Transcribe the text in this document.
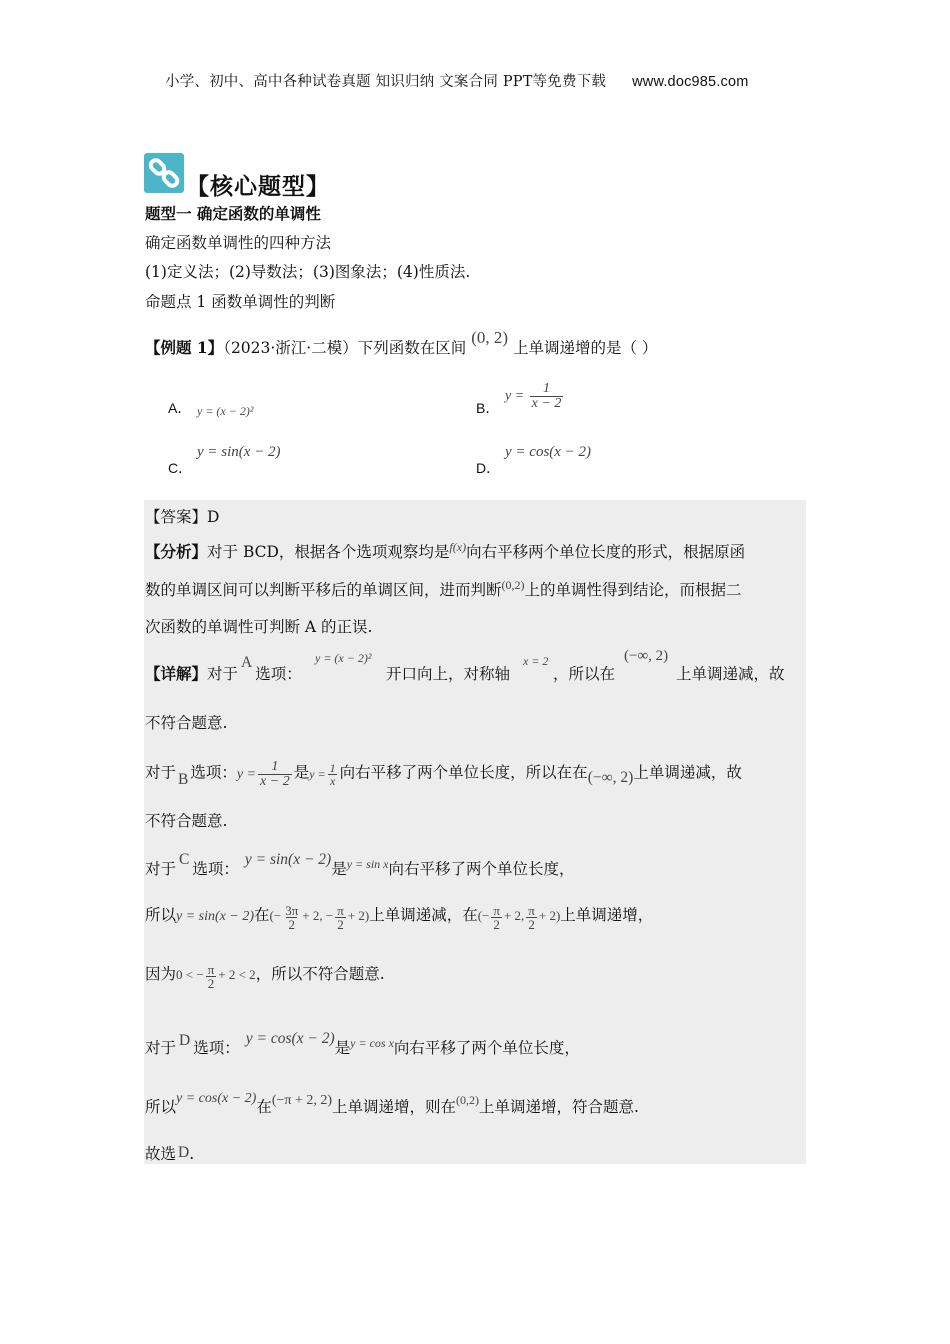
小学、初中、高中各种试卷真题 知识归纳 文案合同 PPT等免费下载 www.doc985.com
【核心题型】
题型一 确定函数的单调性
确定函数单调性的四种方法
(1)定义法；(2)导数法；(3)图象法；(4)性质法.
命题点 1 函数单调性的判断
【例题 1】（2023·浙江·二模）下列函数在区间 (0, 2) 上单调递增的是（ ）
A． y = (x − 2)²	B．
$y = \frac{1}{x - 2}$
y = sin(x − 2)
C．
y = cos(x − 2)
D．
【答案】D
【分析】对于 BCD，根据各个选项观察均是$^{f(x)}$向右平移两个单位长度的形式，根据原函
数的单调区间可以判断平移后的单调区间，进而判断$^{(0,2)}$上的单调性得到结论，而根据二
次函数的单调性可判断 A 的正误.
【详解】对于A选项：
y = (x − 2)²
开口向上，对称轴
x = 2
，所以在
(−∞, 2)
上单调递减，故
不符合题意.
对于 B 选项：$y = \frac{1}{x - 2}$ 是$y = \frac{1}{x}$ 向右平移了两个单位长度，所以在在(−∞, 2)上单调递减，故
不符合题意.
对于C选项：y = sin(x − 2)是$^{y = sin x}$向右平移了两个单位长度，
所以y = sin(x − 2)在(− $\frac{3\pi}{2} + 2$, − $\frac{\pi}{2} + 2$)上单调递减，在(− $\frac{\pi}{2} + 2$, $\frac{\pi}{2} + 2$)上单调递增，
因为0 < − $\frac{\pi}{2} + 2 < 2$，所以不符合题意.
对于 D 选项：y = cos(x − 2)是$^{y = cos x}$向右平移了两个单位长度，
所以y = cos(x − 2)在(−π + 2, 2)上单调递增，则在$^{(0,2)}$上单调递增，符合题意.
故选 D.
